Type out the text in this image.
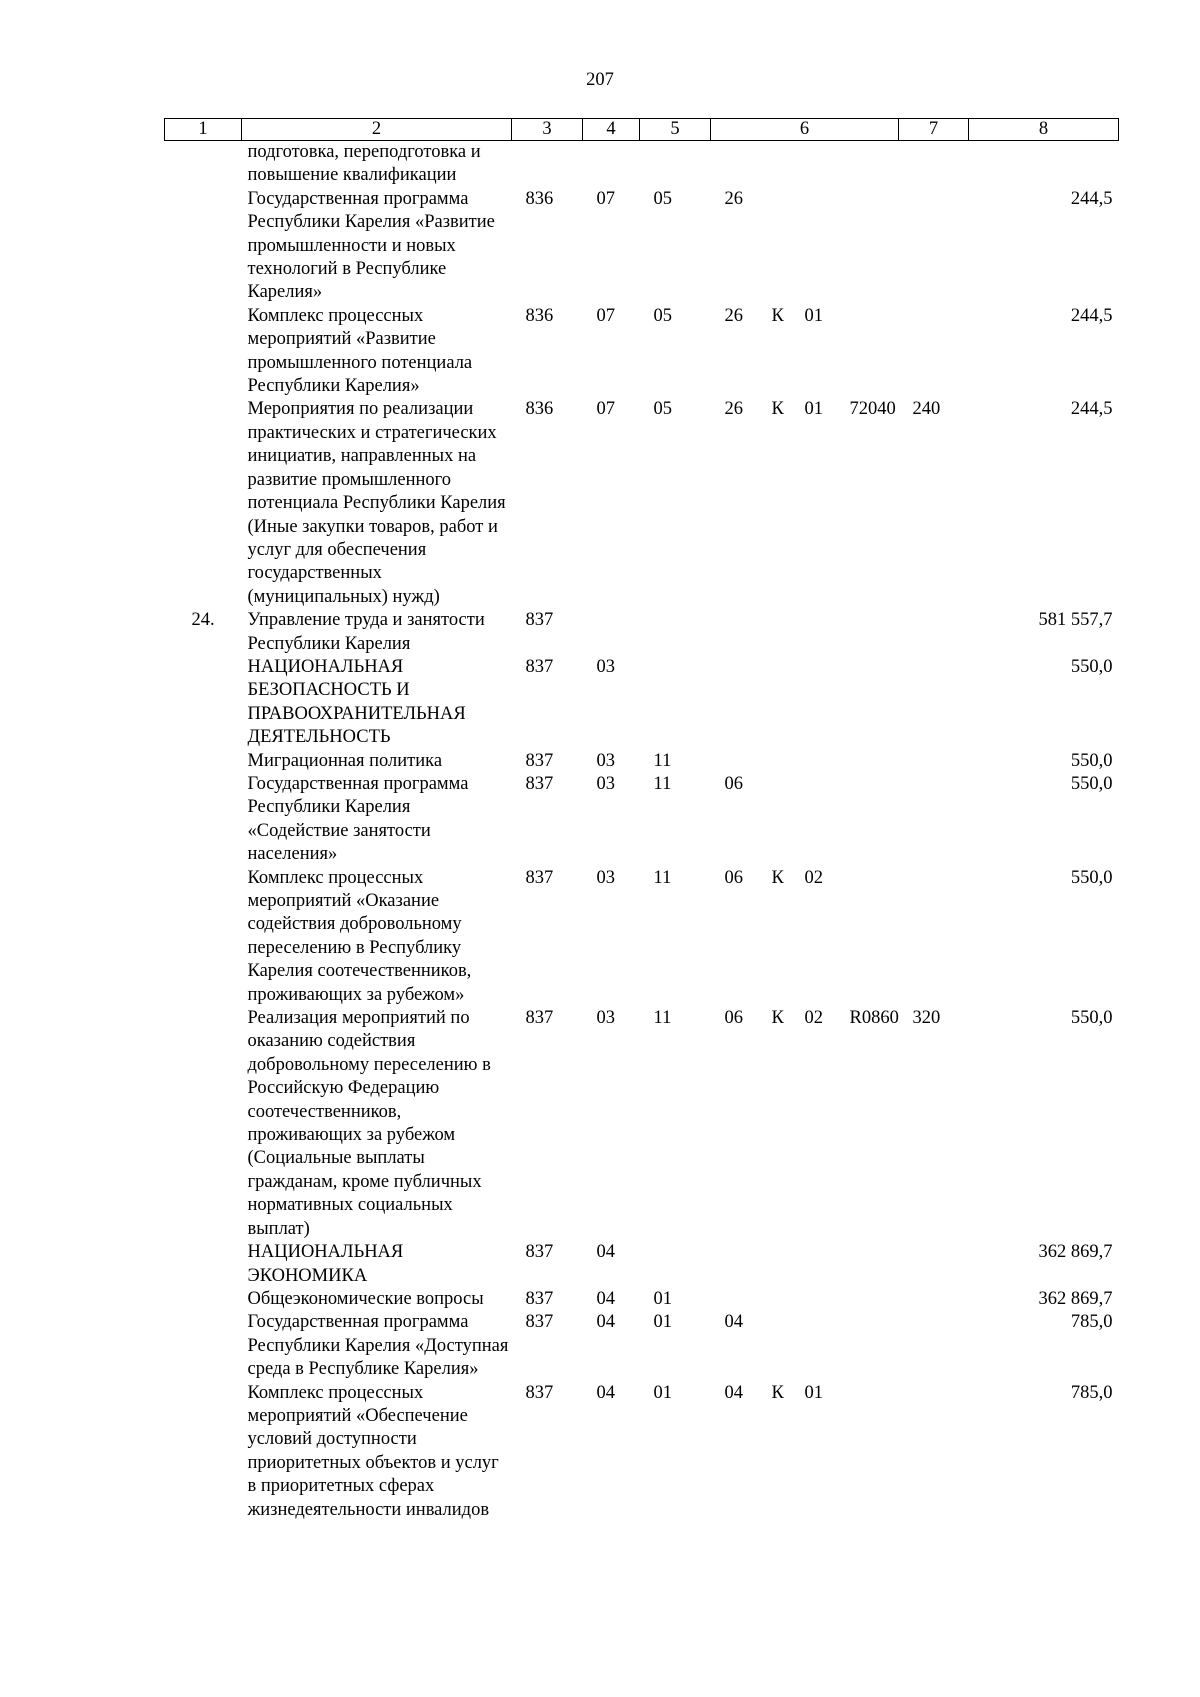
207
1	2	3	4	5	6				7	8
	подготовка, переподготовка и повышение квалификации									
	Государственная программа Республики Карелия «Развитие промышленности и новых технологий в Республике Карелия»	836	07	05	26					244,5
	Комплекс процессных мероприятий «Развитие промышленного потенциала Республики Карелия»	836	07	05	26	К	01			244,5
	Мероприятия по реализации практических и стратегических инициатив, направленных на развитие промышленного потенциала Республики Карелия (Иные закупки товаров, работ и услуг для обеспечения государственных (муниципальных) нужд)	836	07	05	26	К	01	72040	240	244,5
24.	Управление труда и занятости Республики Карелия	837								581 557,7
	НАЦИОНАЛЬНАЯ БЕЗОПАСНОСТЬ И ПРАВООХРАНИТЕЛЬНАЯ ДЕЯТЕЛЬНОСТЬ	837	03							550,0
	Миграционная политика	837	03	11						550,0
	Государственная программа Республики Карелия «Содействие занятости населения»	837	03	11	06					550,0
	Комплекс процессных мероприятий «Оказание содействия добровольному переселению в Республику Карелия соотечественников, проживающих за рубежом»	837	03	11	06	К	02			550,0
	Реализация мероприятий по оказанию содействия добровольному переселению в Российскую Федерацию соотечественников, проживающих за рубежом (Социальные выплаты гражданам, кроме публичных нормативных социальных выплат)	837	03	11	06	К	02	R0860	320	550,0
	НАЦИОНАЛЬНАЯ ЭКОНОМИКА	837	04							362 869,7
	Общеэкономические вопросы	837	04	01						362 869,7
	Государственная программа Республики Карелия «Доступная среда в Республике Карелия»	837	04	01	04					785,0
	Комплекс процессных мероприятий «Обеспечение условий доступности приоритетных объектов и услуг в приоритетных сферах жизнедеятельности инвалидов	837	04	01	04	К	01			785,0
